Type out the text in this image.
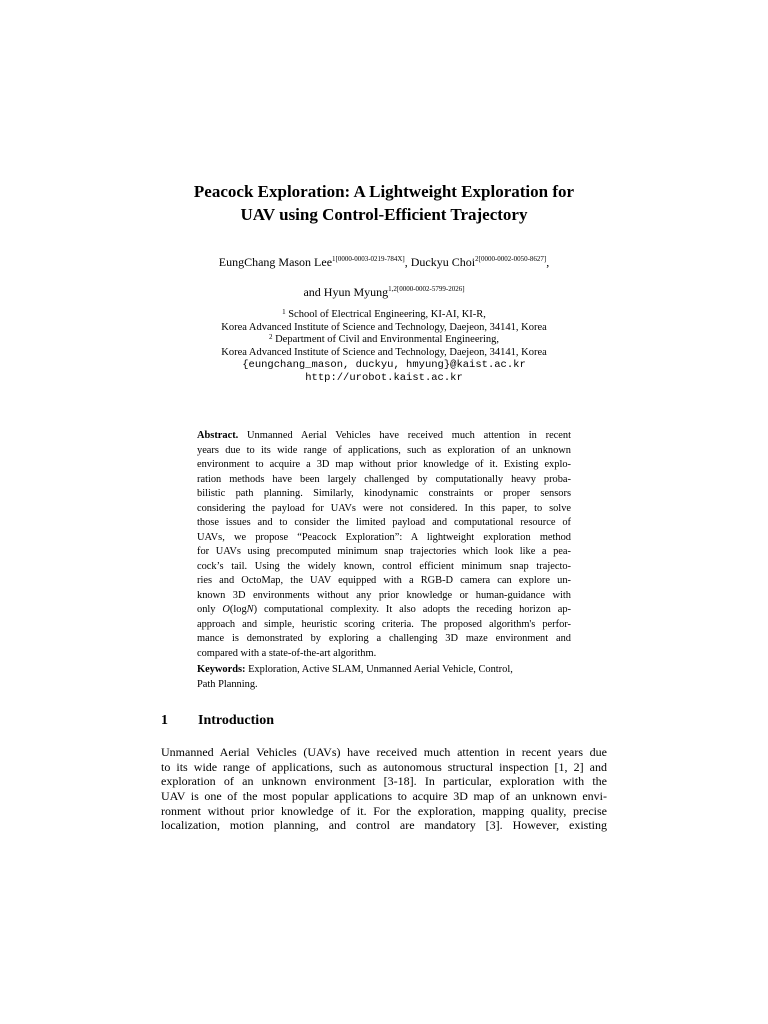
Peacock Exploration: A Lightweight Exploration for
UAV using Control-Efficient Trajectory
EungChang Mason Lee$^{1[0000-0003-0219-784X]}$, Duckyu Choi$^{2[0000-0002-0050-8627]}$,
and Hyun Myung$^{1,2[0000-0002-5799-2026]}$
$^1$ School of Electrical Engineering, KI-AI, KI-R,
Korea Advanced Institute of Science and Technology, Daejeon, 34141, Korea
$^2$ Department of Civil and Environmental Engineering,
Korea Advanced Institute of Science and Technology, Daejeon, 34141, Korea
{eungchang_mason, duckyu, hmyung}@kaist.ac.kr
http://urobot.kaist.ac.kr
Abstract. Unmanned Aerial Vehicles have received much attention in recent
years due to its wide range of applications, such as exploration of an unknown
environment to acquire a 3D map without prior knowledge of it. Existing explo-
ration methods have been largely challenged by computationally heavy proba-
bilistic path planning. Similarly, kinodynamic constraints or proper sensors
considering the payload for UAVs were not considered. In this paper, to solve
those issues and to consider the limited payload and computational resource of
UAVs, we propose “Peacock Exploration”: A lightweight exploration method
for UAVs using precomputed minimum snap trajectories which look like a pea-
cock’s tail. Using the widely known, control efficient minimum snap trajecto-
ries and OctoMap, the UAV equipped with a RGB-D camera can explore un-
known 3D environments without any prior knowledge or human-guidance with
only O(logN) computational complexity. It also adopts the receding horizon ap-
approach and simple, heuristic scoring criteria. The proposed algorithm's perfor-
mance is demonstrated by exploring a challenging 3D maze environment and
compared with a state-of-the-art algorithm.
Keywords: Exploration, Active SLAM, Unmanned Aerial Vehicle, Control,
Path Planning.
1 Introduction
Unmanned Aerial Vehicles (UAVs) have received much attention in recent years due
to its wide range of applications, such as autonomous structural inspection [1, 2] and
exploration of an unknown environment [3-18]. In particular, exploration with the
UAV is one of the most popular applications to acquire 3D map of an unknown envi-
ronment without prior knowledge of it. For the exploration, mapping quality, precise
localization, motion planning, and control are mandatory [3]. However, existing
